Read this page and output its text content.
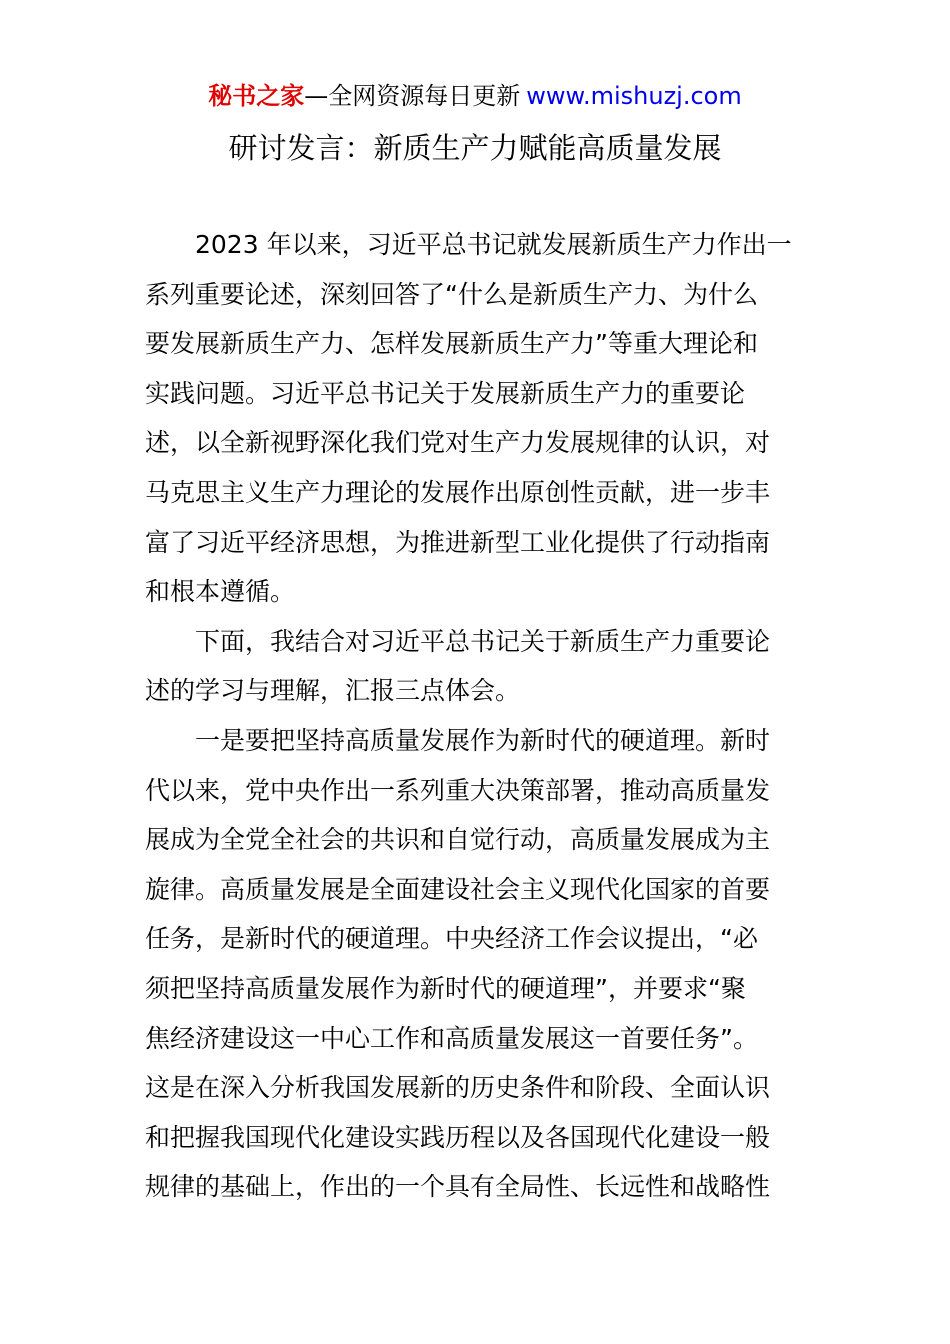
秘书之家—全网资源每日更新 www.mishuzj.com
研讨发言：新质生产力赋能高质量发展
2023 年以来，习近平总书记就发展新质生产力作出一
系列重要论述，深刻回答了“什么是新质生产力、为什么
要发展新质生产力、怎样发展新质生产力”等重大理论和
实践问题。习近平总书记关于发展新质生产力的重要论
述，以全新视野深化我们党对生产力发展规律的认识，对
马克思主义生产力理论的发展作出原创性贡献，进一步丰
富了习近平经济思想，为推进新型工业化提供了行动指南
和根本遵循。
下面，我结合对习近平总书记关于新质生产力重要论
述的学习与理解，汇报三点体会。
一是要把坚持高质量发展作为新时代的硬道理。新时
代以来，党中央作出一系列重大决策部署，推动高质量发
展成为全党全社会的共识和自觉行动，高质量发展成为主
旋律。高质量发展是全面建设社会主义现代化国家的首要
任务，是新时代的硬道理。中央经济工作会议提出，“必
须把坚持高质量发展作为新时代的硬道理”，并要求“聚
焦经济建设这一中心工作和高质量发展这一首要任务”。
这是在深入分析我国发展新的历史条件和阶段、全面认识
和把握我国现代化建设实践历程以及各国现代化建设一般
规律的基础上，作出的一个具有全局性、长远性和战略性
